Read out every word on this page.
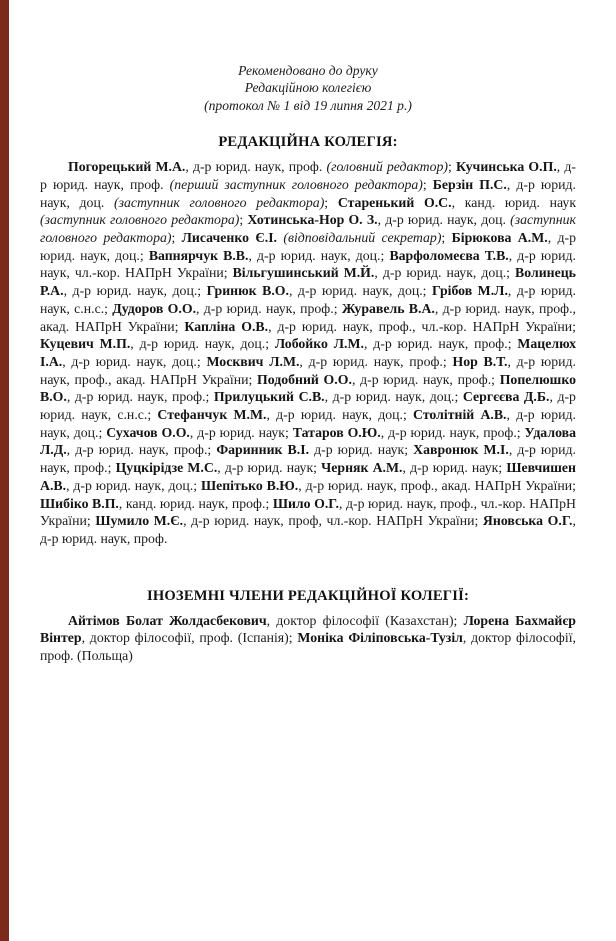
Рекомендовано до друку
Редакційною колегією
(протокол № 1 від 19 липня 2021 р.)
РЕДАКЦІЙНА КОЛЕГІЯ:
Погорецький М.А., д-р юрид. наук, проф. (головний редактор); Кучинська О.П., д-р юрид. наук, проф. (перший заступник головного редактора); Берзін П.С., д-р юрид. наук, доц. (заступник головного редактора); Старенький О.С., канд. юрид. наук (заступник головного редактора); Хотинська-Нор О. З., д-р юрид. наук, доц. (заступник головного редактора); Лисаченко Є.І. (відповідальний секретар); Бірюкова А.М., д-р юрид. наук, доц.; Вапнярчук В.В., д-р юрид. наук, доц.; Варфоломеєва Т.В., д-р юрид. наук, чл.-кор. НАПрН України; Вільгушинський М.Й., д-р юрид. наук, доц.; Волинець Р.А., д-р юрид. наук, доц.; Гринюк В.О., д-р юрид. наук, доц.; Грібов М.Л., д-р юрид. наук, с.н.с.; Дудоров О.О., д-р юрид. наук, проф.; Журавель В.А., д-р юрид. наук, проф., акад. НАПрН України; Капліна О.В., д-р юрид. наук, проф., чл.-кор. НАПрН України; Куцевич М.П., д-р юрид. наук, доц.; Лобойко Л.М., д-р юрид. наук, проф.; Мацелюх І.А., д-р юрид. наук, доц.; Москвич Л.М., д-р юрид. наук, проф.; Нор В.Т., д-р юрид. наук, проф., акад. НАПрН України; Подобний О.О., д-р юрид. наук, проф.; Попелюшко В.О., д-р юрид. наук, проф.; Прилуцький С.В., д-р юрид. наук, доц.; Сергєєва Д.Б., д-р юрид. наук, с.н.с.; Стефанчук М.М., д-р юрид. наук, доц.; Столітній А.В., д-р юрид. наук, доц.; Сухачов О.О., д-р юрид. наук; Татаров О.Ю., д-р юрид. наук, проф.; Удалова Л.Д., д-р юрид. наук, проф.; Фаринник В.І. д-р юрид. наук; Хавронюк М.І., д-р юрид. наук, проф.; Цуцкірідзе М.С., д-р юрид. наук; Черняк А.М., д-р юрид. наук; Шевчишен А.В., д-р юрид. наук, доц.; Шепітько В.Ю., д-р юрид. наук, проф., акад. НАПрН України; Шибіко В.П., канд. юрид. наук, проф.; Шило О.Г., д-р юрид. наук, проф., чл.-кор. НАПрН України; Шумило М.Є., д-р юрид. наук, проф, чл.-кор. НАПрН України; Яновська О.Г., д-р юрид. наук, проф.
ІНОЗЕМНІ ЧЛЕНИ РЕДАКЦІЙНОЇ КОЛЕГІЇ:
Айтімов Болат Жолдасбекович, доктор філософії (Казахстан); Лорена Бахмайєр Вінтер, доктор філософії, проф. (Іспанія); Моніка Філіповська-Тузіл, доктор філософії, проф. (Польща)
